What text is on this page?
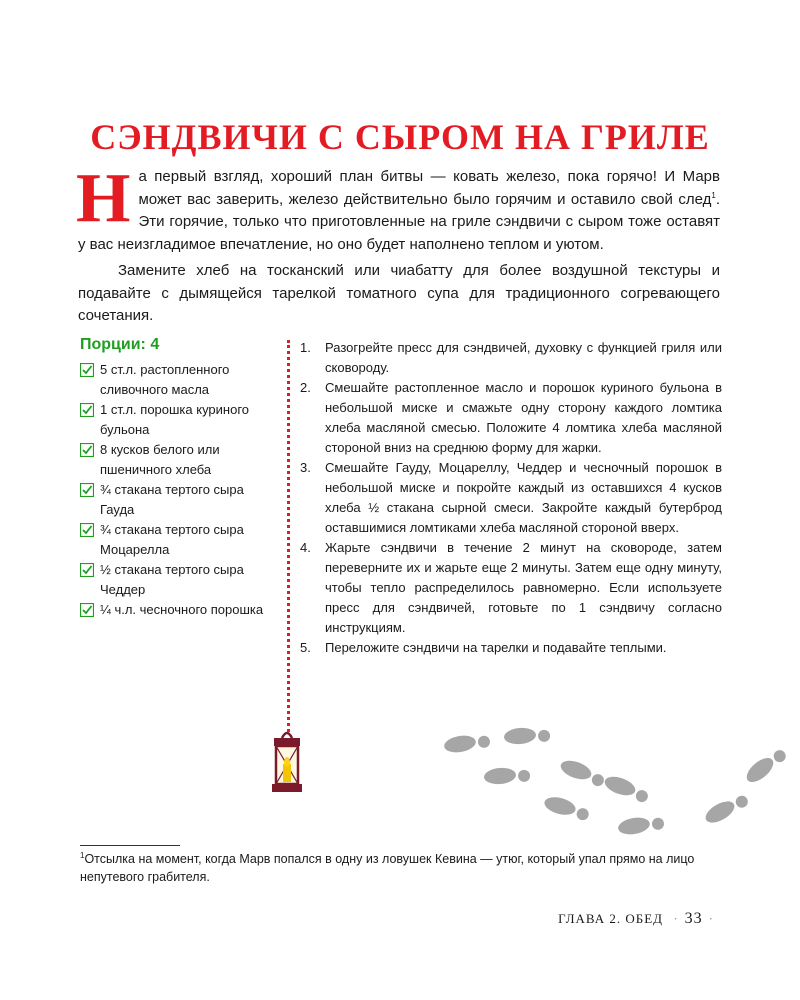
СЭНДВИЧИ С СЫРОМ НА ГРИЛЕ

На первый взгляд, хороший план битвы — ковать железо, пока горячо! И Марв может вас заверить, железо действительно было горячим и оставило свой след$^1$. Эти горячие, только что приготовленные на гриле сэндвичи с сыром тоже оставят у вас неизгладимое впечатление, но оно будет наполнено теплом и уютом.

Замените хлеб на тосканский или чиабатту для более воздушной текстуры и подавайте с дымящейся тарелкой томатного супа для традиционного согревающего сочетания.

Порции: 4
5 ст.л. растопленного сливочного масла
1 ст.л. порошка куриного бульона
8 кусков белого или пшеничного хлеба
¾ стакана тертого сыра Гауда
¾ стакана тертого сыра Моцарелла
½ стакана тертого сыра Чеддер
¼ ч.л. чесночного порошка
1. Разогрейте пресс для сэндвичей, духовку с функцией гриля или сковороду.
2. Смешайте растопленное масло и порошок куриного бульона в небольшой миске и смажьте одну сторону каждого ломтика хлеба масляной смесью. Положите 4 ломтика хлеба масляной стороной вниз на среднюю форму для жарки.
3. Смешайте Гауду, Моцареллу, Чеддер и чесночный порошок в небольшой миске и покройте каждый из оставшихся 4 кусков хлеба ½ стакана сырной смеси. Закройте каждый бутерброд оставшимися ломтиками хлеба масляной стороной вверх.
4. Жарьте сэндвичи в течение 2 минут на сковороде, затем переверните их и жарьте еще 2 минуты. Затем еще одну минуту, чтобы тепло распределилось равномерно. Если используете пресс для сэндвичей, готовьте по 1 сэндвичу согласно инструкциям.
5. Переложите сэндвичи на тарелки и подавайте теплыми.
$^1$Отсылка на момент, когда Марв попался в одну из ловушек Кевина — утюг, который упал прямо на лицо непутевого грабителя.
ГЛАВА 2. ОБЕД · 33 ·
